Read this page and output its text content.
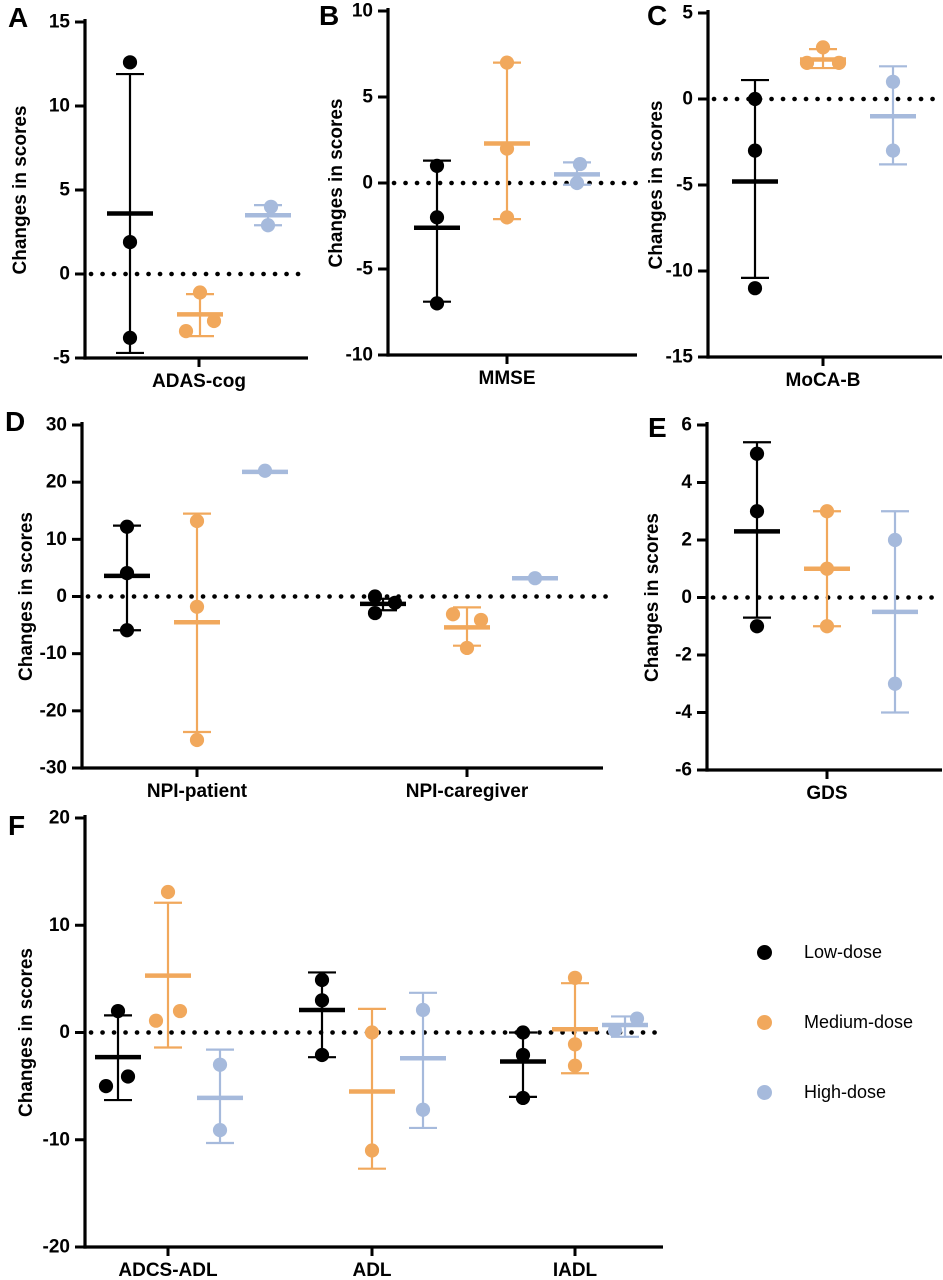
A 15
10
5
0
-5
Changes in scores
ADAS-cog
B 10
5
0
-5
-10
Changes in scores
MMSE
C 5
0
-5
-10
-15
Changes in scores
MoCA-B
D 30
20
10
0
-10
-20
-30
Changes in scores
NPI-patient	NPI-caregiver
E 6
4
2
0
-2
-4
-6
Changes in scores
GDS
F 20
10
0
-10
-20
Changes in scores
ADCS-ADL	ADL	IADL
Low-dose
Medium-dose
High-dose
